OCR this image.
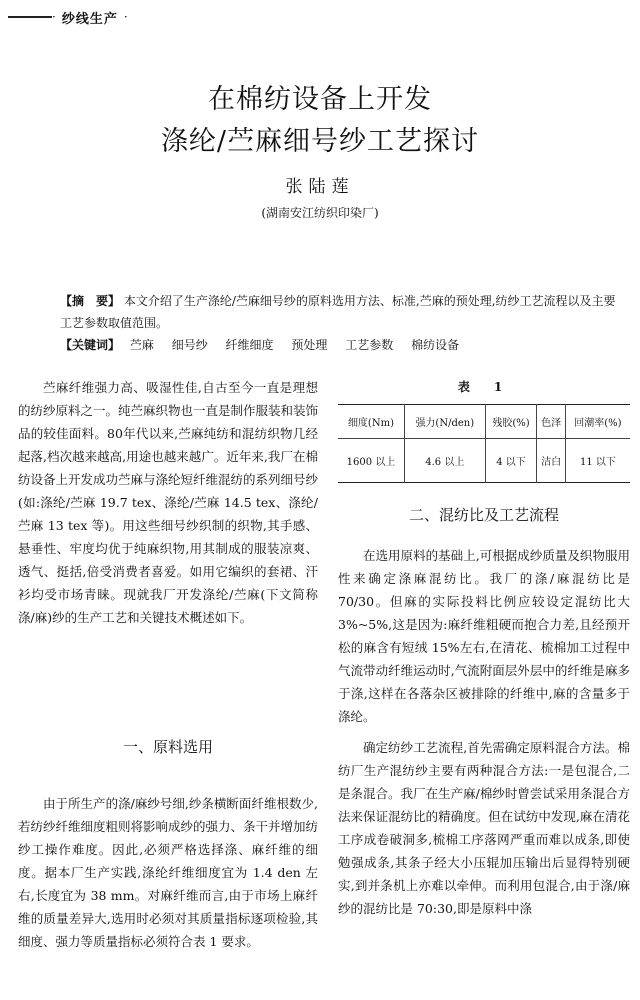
· 纱线生产 ·
在棉纺设备上开发
涤纶/苎麻细号纱工艺探讨
张陆莲
(湖南安江纺织印染厂)
【摘　要】 本文介绍了生产涤纶/苎麻细号纱的原料选用方法、标准,苎麻的预处理,纺纱工艺流程以及主要工艺参数取值范围。
【关键词】 苎麻 细号纱 纤维细度 预处理 工艺参数 棉纺设备

苎麻纤维强力高、吸湿性佳,自古至今一直是理想的纺纱原料之一。纯苎麻织物也一直是制作服装和装饰品的较佳面料。80年代以来,苎麻纯纺和混纺织物几经起落,档次越来越高,用途也越来越广。近年来,我厂在棉纺设备上开发成功苎麻与涤纶短纤维混纺的系列细号纱(如:涤纶/苎麻 19.7 tex、涤纶/苎麻 14.5 tex、涤纶/苎麻 13 tex 等)。用这些细号纱织制的织物,其手感、悬垂性、牢度均优于纯麻织物,用其制成的服装凉爽、透气、挺括,倍受消费者喜爱。如用它编织的套裙、汗衫均受市场青睐。现就我厂开发涤纶/苎麻(下文简称涤/麻)纱的生产工艺和关键技术概述如下。

一、原料选用

由于所生产的涤/麻纱号细,纱条横断面纤维根数少,若纺纱纤维细度粗则将影响成纱的强力、条干并增加纺纱工操作难度。因此,必须严格选择涤、麻纤维的细度。据本厂生产实践,涤纶纤维细度宜为 1.4 den 左右,长度宜为 38 mm。对麻纤维而言,由于市场上麻纤维的质量差异大,选用时必须对其质量指标逐项检验,其细度、强力等质量指标必须符合表 1 要求。

表　1
细度(Nm)	强力(N/den)	残胶(%)	色泽	回潮率(%)
1600 以上	4.6 以上	4 以下	洁白	11 以下
二、混纺比及工艺流程

在选用原料的基础上,可根据成纱质量及织物服用性来确定涤麻混纺比。我厂的涤/麻混纺比是 70/30。但麻的实际投料比例应较设定混纺比大 3%~5%,这是因为:麻纤维粗硬而抱合力差,且经预开松的麻含有短绒 15%左右,在清花、梳棉加工过程中气流带动纤维运动时,气流附面层外层中的纤维是麻多于涤,这样在各落杂区被排除的纤维中,麻的含量多于涤纶。

确定纺纱工艺流程,首先需确定原料混合方法。棉纺厂生产混纺纱主要有两种混合方法:一是包混合,二是条混合。我厂在生产麻/棉纱时曾尝试采用条混合方法来保证混纺比的精确度。但在试纺中发现,麻在清花工序成卷破洞多,梳棉工序落网严重而难以成条,即使勉强成条,其条子经大小压辊加压输出后显得特别硬实,到并条机上亦难以牵伸。而利用包混合,由于涤/麻纱的混纺比是 70:30,即是原料中涤
